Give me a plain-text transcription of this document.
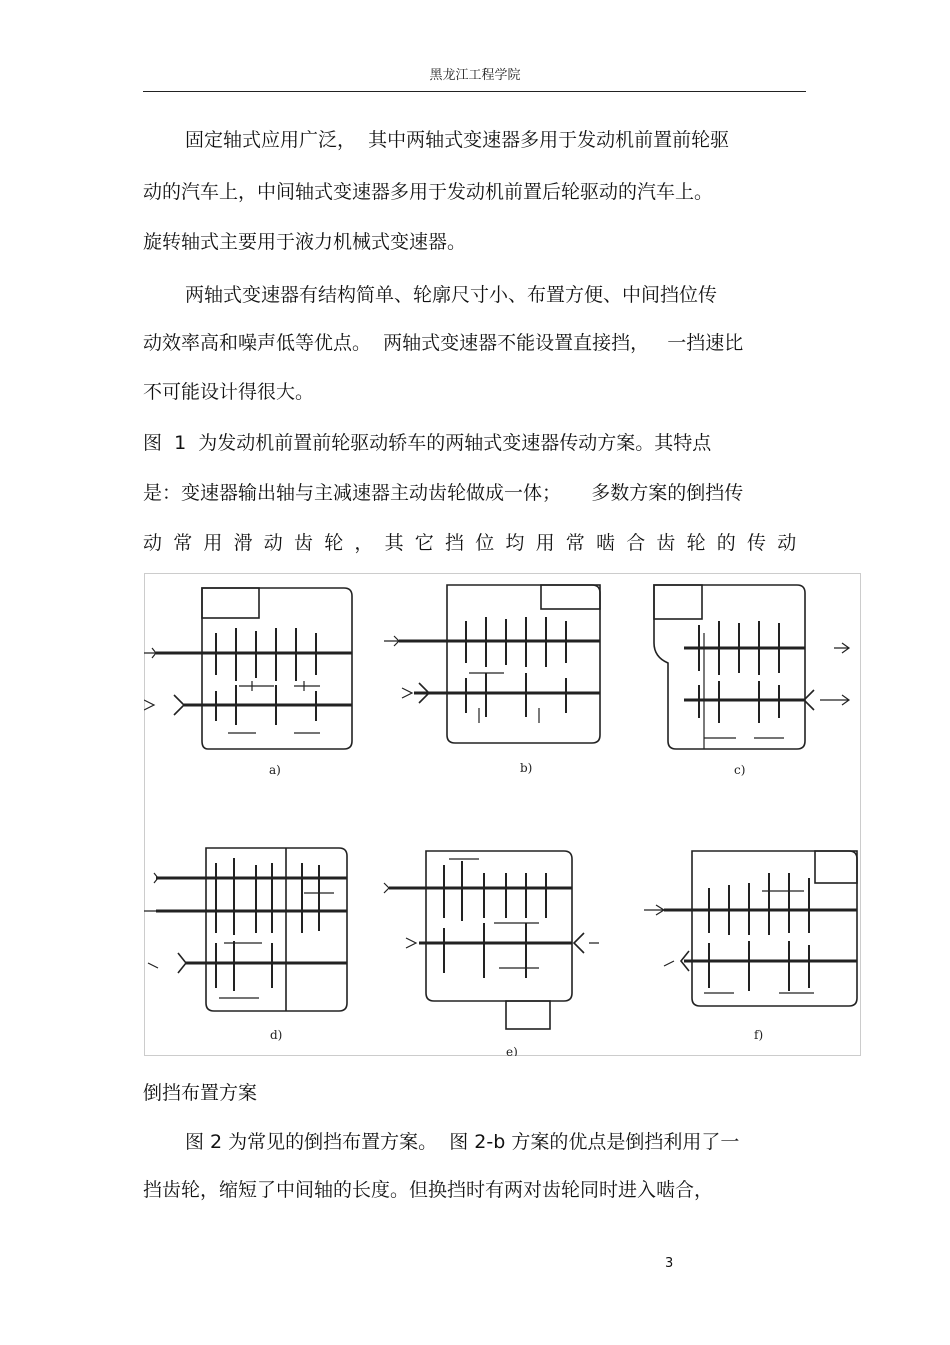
黑龙江工程学院
固定轴式应用广泛，  其中两轴式变速器多用于发动机前置前轮驱
动的汽车上，中间轴式变速器多用于发动机前置后轮驱动的汽车上。
旋转轴式主要用于液力机械式变速器。
两轴式变速器有结构简单、轮廓尺寸小、布置方便、中间挡位传
动效率高和噪声低等优点。  两轴式变速器不能设置直接挡，   一挡速比
不可能设计得很大。
图  1  为发动机前置前轮驱动轿车的两轴式变速器传动方案。其特点
是：变速器输出轴与主减速器主动齿轮做成一体；     多数方案的倒挡传
动常用滑动齿轮，其它挡位均用常啮合齿轮的传动
a)	b)	c)
d)
e)
f)
倒挡布置方案
图 2 为常见的倒挡布置方案。  图 2-b 方案的优点是倒挡利用了一
挡齿轮，缩短了中间轴的长度。但换挡时有两对齿轮同时进入啮合，
3
